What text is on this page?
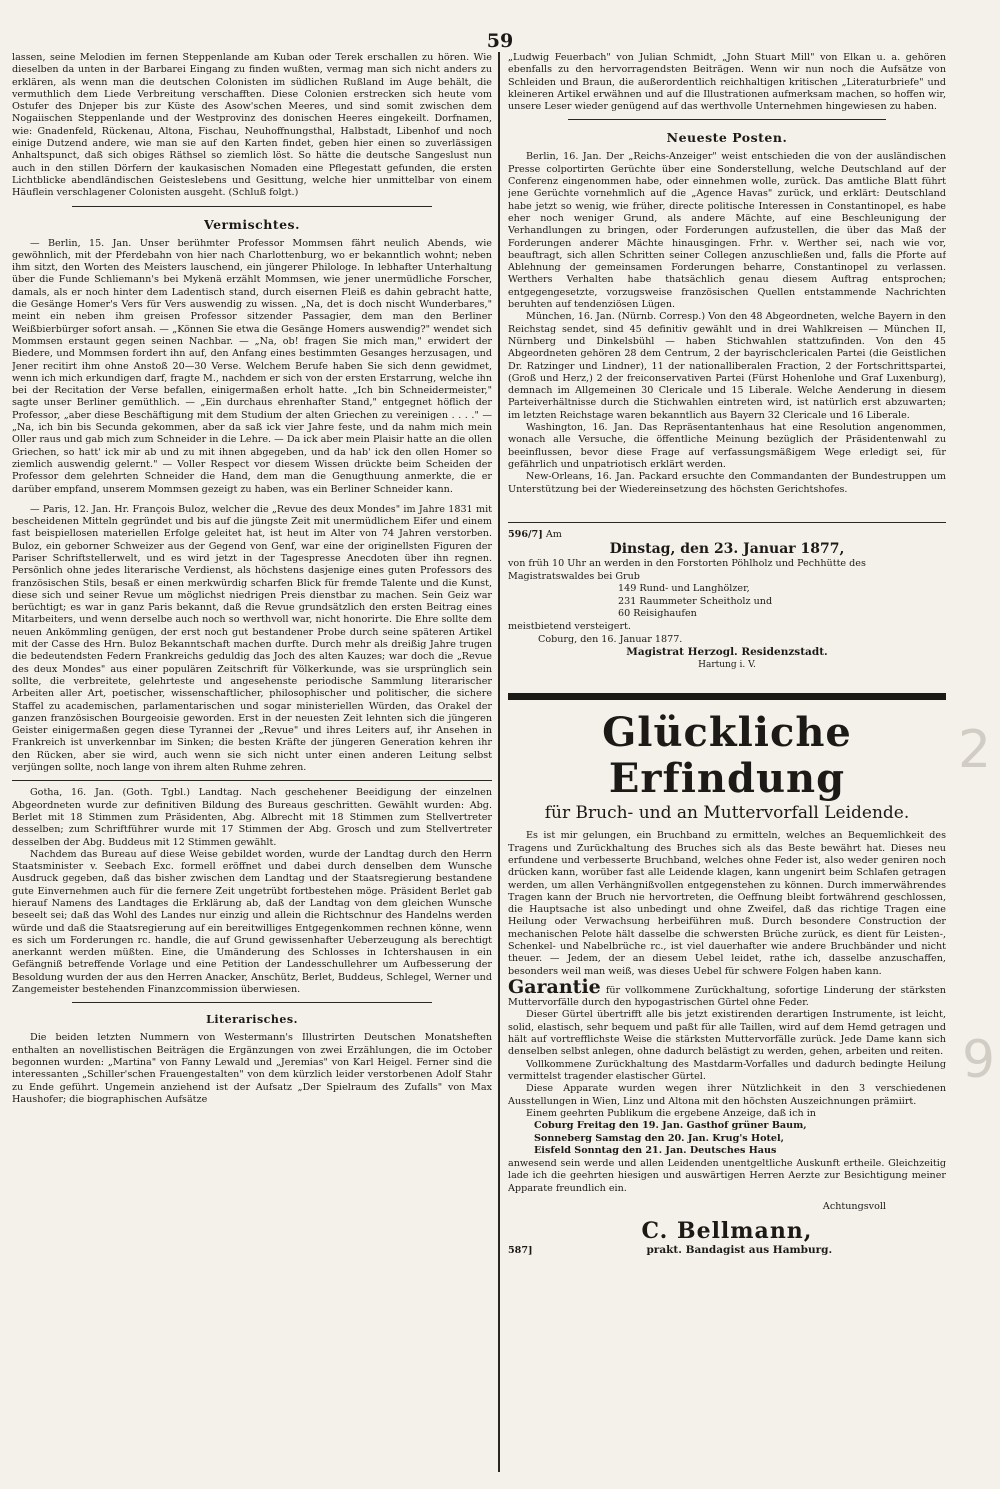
59

lassen, seine Melodien im fernen Steppenlande am Kuban oder Terek erschallen zu hören. Wie dieselben da unten in der Barbarei Eingang zu finden wußten, vermag man sich nicht anders zu erklären, als wenn man die deutschen Colonisten im südlichen Rußland im Auge behält, die vermuthlich dem Liede Verbreitung verschafften. Diese Colonien erstrecken sich heute vom Ostufer des Dnjeper bis zur Küste des Asow'schen Meeres, und sind somit zwischen dem Nogaiischen Steppenlande und der Westprovinz des donischen Heeres eingekeilt. Dorfnamen, wie: Gnadenfeld, Rückenau, Altona, Fischau, Neuhoffnungsthal, Halbstadt, Libenhof und noch einige Dutzend andere, wie man sie auf den Karten findet, geben hier einen so zuverlässigen Anhaltspunct, daß sich obiges Räthsel so ziemlich löst. So hätte die deutsche Sangeslust nun auch in den stillen Dörfern der kaukasischen Nomaden eine Pflegestatt gefunden, die ersten Lichtblicke abendländischen Geisteslebens und Gesittung, welche hier unmittelbar von einem Häuflein verschlagener Colonisten ausgeht. (Schluß folgt.)

Vermischtes.

— Berlin, 15. Jan. Unser berühmter Professor Mommsen fährt neulich Abends, wie gewöhnlich, mit der Pferdebahn von hier nach Charlottenburg, wo er bekanntlich wohnt; neben ihm sitzt, den Worten des Meisters lauschend, ein jüngerer Philologe. In lebhafter Unterhaltung über die Funde Schliemann's bei Mykenä erzählt Mommsen, wie jener unermüdliche Forscher, damals, als er noch hinter dem Ladentisch stand, durch eisernen Fleiß es dahin gebracht hatte, die Gesänge Homer's Vers für Vers auswendig zu wissen. „Na, det is doch nischt Wunderbares," meint ein neben ihm greisen Professor sitzender Passagier, dem man den Berliner Weißbierbürger sofort ansah. — „Können Sie etwa die Gesänge Homers auswendig?" wendet sich Mommsen erstaunt gegen seinen Nachbar. — „Na, ob! fragen Sie mich man," erwidert der Biedere, und Mommsen fordert ihn auf, den Anfang eines bestimmten Gesanges herzusagen, und Jener recitirt ihm ohne Anstoß 20—30 Verse. Welchem Berufe haben Sie sich denn gewidmet, wenn ich mich erkundigen darf, fragte M., nachdem er sich von der ersten Erstarrung, welche ihn bei der Recitation der Verse befallen, einigermaßen erholt hatte. „Ich bin Schneidermeister," sagte unser Berliner gemüthlich. — „Ein durchaus ehrenhafter Stand," entgegnet höflich der Professor, „aber diese Beschäftigung mit dem Studium der alten Griechen zu vereinigen . . . ." — „Na, ich bin bis Secunda gekommen, aber da saß ick vier Jahre feste, und da nahm mich mein Oller raus und gab mich zum Schneider in die Lehre. — Da ick aber mein Plaisir hatte an die ollen Griechen, so hatt' ick mir ab und zu mit ihnen abgegeben, und da hab' ick den ollen Homer so ziemlich auswendig gelernt." — Voller Respect vor diesem Wissen drückte beim Scheiden der Professor dem gelehrten Schneider die Hand, dem man die Genugthuung anmerkte, die er darüber empfand, unserem Mommsen gezeigt zu haben, was ein Berliner Schneider kann.

— Paris, 12. Jan. Hr. François Buloz, welcher die „Revue des deux Mondes" im Jahre 1831 mit bescheidenen Mitteln gegründet und bis auf die jüngste Zeit mit unermüdlichem Eifer und einem fast beispiellosen materiellen Erfolge geleitet hat, ist heut im Alter von 74 Jahren verstorben. Buloz, ein geborner Schweizer aus der Gegend von Genf, war eine der originellsten Figuren der Pariser Schriftstellerwelt, und es wird jetzt in der Tagespresse Anecdoten über ihn regnen. Persönlich ohne jedes literarische Verdienst, als höchstens dasjenige eines guten Professors des französischen Stils, besaß er einen merkwürdig scharfen Blick für fremde Talente und die Kunst, diese sich und seiner Revue um möglichst niedrigen Preis dienstbar zu machen. Sein Geiz war berüchtigt; es war in ganz Paris bekannt, daß die Revue grundsätzlich den ersten Beitrag eines Mitarbeiters, und wenn derselbe auch noch so werthvoll war, nicht honorirte. Die Ehre sollte dem neuen Ankömmling genügen, der erst noch gut bestandener Probe durch seine späteren Artikel mit der Casse des Hrn. Buloz Bekanntschaft machen durfte. Durch mehr als dreißig Jahre trugen die bedeutendsten Federn Frankreichs geduldig das Joch des alten Kauzes; war doch die „Revue des deux Mondes" aus einer populären Zeitschrift für Völkerkunde, was sie ursprünglich sein sollte, die verbreitete, gelehrteste und angesehenste periodische Sammlung literarischer Arbeiten aller Art, poetischer, wissenschaftlicher, philosophischer und politischer, die sichere Staffel zu academischen, parlamentarischen und sogar ministeriellen Würden, das Orakel der ganzen französischen Bourgeoisie geworden. Erst in der neuesten Zeit lehnten sich die jüngeren Geister einigermaßen gegen diese Tyrannei der „Revue" und ihres Leiters auf, ihr Ansehen in Frankreich ist unverkennbar im Sinken; die besten Kräfte der jüngeren Generation kehren ihr den Rücken, aber sie wird, auch wenn sie sich nicht unter einen anderen Leitung selbst verjüngen sollte, noch lange von ihrem alten Ruhme zehren.

Gotha, 16. Jan. (Goth. Tgbl.) Landtag. Nach geschehener Beeidigung der einzelnen Abgeordneten wurde zur definitiven Bildung des Bureaus geschritten. Gewählt wurden: Abg. Berlet mit 18 Stimmen zum Präsidenten, Abg. Albrecht mit 18 Stimmen zum Stellvertreter desselben; zum Schriftführer wurde mit 17 Stimmen der Abg. Grosch und zum Stellvertreter desselben der Abg. Buddeus mit 12 Stimmen gewählt.

Nachdem das Bureau auf diese Weise gebildet worden, wurde der Landtag durch den Herrn Staatsminister v. Seebach Exc. formell eröffnet und dabei durch denselben dem Wunsche Ausdruck gegeben, daß das bisher zwischen dem Landtag und der Staatsregierung bestandene gute Einvernehmen auch für die fernere Zeit ungetrübt fortbestehen möge. Präsident Berlet gab hierauf Namens des Landtages die Erklärung ab, daß der Landtag von dem gleichen Wunsche beseelt sei; daß das Wohl des Landes nur einzig und allein die Richtschnur des Handelns werden würde und daß die Staatsregierung auf ein bereitwilliges Entgegenkommen rechnen könne, wenn es sich um Forderungen rc. handle, die auf Grund gewissenhafter Ueberzeugung als berechtigt anerkannt werden müßten. Eine, die Umänderung des Schlosses in Ichtershausen in ein Gefängniß betreffende Vorlage und eine Petition der Landesschullehrer um Aufbesserung der Besoldung wurden der aus den Herren Anacker, Anschütz, Berlet, Buddeus, Schlegel, Werner und Zangemeister bestehenden Finanzcommission überwiesen.

Literarisches.

Die beiden letzten Nummern von Westermann's Illustrirten Deutschen Monatsheften enthalten an novellistischen Beiträgen die Ergänzungen von zwei Erzählungen, die im October begonnen wurden: „Martina" von Fanny Lewald und „Jeremias" von Karl Heigel. Ferner sind die interessanten „Schiller'schen Frauengestalten" von dem kürzlich leider verstorbenen Adolf Stahr zu Ende geführt. Ungemein anziehend ist der Aufsatz „Der Spielraum des Zufalls" von Max Haushofer; die biographischen Aufsätze

„Ludwig Feuerbach" von Julian Schmidt, „John Stuart Mill" von Elkan u. a. gehören ebenfalls zu den hervorragendsten Beiträgen. Wenn wir nun noch die Aufsätze von Schleiden und Braun, die außerordentlich reichhaltigen kritischen „Literaturbriefe" und kleineren Artikel erwähnen und auf die Illustrationen aufmerksam machen, so hoffen wir, unsere Leser wieder genügend auf das werthvolle Unternehmen hingewiesen zu haben.

Neueste Posten.

Berlin, 16. Jan. Der „Reichs-Anzeiger" weist entschieden die von der ausländischen Presse colportirten Gerüchte über eine Sonderstellung, welche Deutschland auf der Conferenz eingenommen habe, oder einnehmen wolle, zurück. Das amtliche Blatt führt jene Gerüchte vornehmlich auf die „Agence Havas" zurück, und erklärt: Deutschland habe jetzt so wenig, wie früher, directe politische Interessen in Constantinopel, es habe eher noch weniger Grund, als andere Mächte, auf eine Beschleunigung der Verhandlungen zu bringen, oder Forderungen aufzustellen, die über das Maß der Forderungen anderer Mächte hinausgingen. Frhr. v. Werther sei, nach wie vor, beauftragt, sich allen Schritten seiner Collegen anzuschließen und, falls die Pforte auf Ablehnung der gemeinsamen Forderungen beharre, Constantinopel zu verlassen. Werthers Verhalten habe thatsächlich genau diesem Auftrag entsprochen; entgegengesetzte, vorzugsweise französischen Quellen entstammende Nachrichten beruhten auf tendenziösen Lügen.

München, 16. Jan. (Nürnb. Corresp.) Von den 48 Abgeordneten, welche Bayern in den Reichstag sendet, sind 45 definitiv gewählt und in drei Wahlkreisen — München II, Nürnberg und Dinkelsbühl — haben Stichwahlen stattzufinden. Von den 45 Abgeordneten gehören 28 dem Centrum, 2 der bayrischclericalen Partei (die Geistlichen Dr. Ratzinger und Lindner), 11 der nationalliberalen Fraction, 2 der Fortschrittspartei, (Groß und Herz,) 2 der freiconservativen Partei (Fürst Hohenlohe und Graf Luxenburg), demnach im Allgemeinen 30 Clericale und 15 Liberale. Welche Aenderung in diesem Parteiverhältnisse durch die Stichwahlen eintreten wird, ist natürlich erst abzuwarten; im letzten Reichstage waren bekanntlich aus Bayern 32 Clericale und 16 Liberale.

Washington, 16. Jan. Das Repräsentantenhaus hat eine Resolution angenommen, wonach alle Versuche, die öffentliche Meinung bezüglich der Präsidentenwahl zu beeinflussen, bevor diese Frage auf verfassungsmäßigem Wege erledigt sei, für gefährlich und unpatriotisch erklärt werden.

New-Orleans, 16. Jan. Packard ersuchte den Commandanten der Bundestruppen um Unterstützung bei der Wiedereinsetzung des höchsten Gerichtshofes.

596/7] Am
Dinstag, den 23. Januar 1877,
von früh 10 Uhr an werden in den Forstorten Pöhlholz und Pechhütte des Magistratswaldes bei Grub
149 Rund- und Langhölzer,
231 Raummeter Scheitholz und
60 Reisighaufen
meistbietend versteigert.
Coburg, den 16. Januar 1877.
Magistrat Herzogl. Residenzstadt.
Hartung i. V.
Glückliche Erfindung
für Bruch- und an Muttervorfall Leidende.

Es ist mir gelungen, ein Bruchband zu ermitteln, welches an Bequemlichkeit des Tragens und Zurückhaltung des Bruches sich als das Beste bewährt hat. Dieses neu erfundene und verbesserte Bruchband, welches ohne Feder ist, also weder geniren noch drücken kann, worüber fast alle Leidende klagen, kann ungenirt beim Schlafen getragen werden, um allen Verhängnißvollen entgegenstehen zu können. Durch immerwährendes Tragen kann der Bruch nie hervortreten, die Oeffnung bleibt fortwährend geschlossen, die Hauptsache ist also unbedingt und ohne Zweifel, daß das richtige Tragen eine Heilung oder Verwachsung herbeiführen muß. Durch besondere Construction der mechanischen Pelote hält dasselbe die schwersten Brüche zurück, es dient für Leisten-, Schenkel- und Nabelbrüche rc., ist viel dauerhafter wie andere Bruchbänder und nicht theuer. — Jedem, der an diesem Uebel leidet, rathe ich, dasselbe anzuschaffen, besonders weil man weiß, was dieses Uebel für schwere Folgen haben kann.

Garantie für vollkommene Zurückhaltung, sofortige Linderung der stärksten Muttervorfälle durch den hypogastrischen Gürtel ohne Feder.

Dieser Gürtel übertrifft alle bis jetzt existirenden derartigen Instrumente, ist leicht, solid, elastisch, sehr bequem und paßt für alle Taillen, wird auf dem Hemd getragen und hält auf vortrefflichste Weise die stärksten Muttervorfälle zurück. Jede Dame kann sich denselben selbst anlegen, ohne dadurch belästigt zu werden, gehen, arbeiten und reiten.

Vollkommene Zurückhaltung des Mastdarm-Vorfalles und dadurch bedingte Heilung vermittelst tragender elastischer Gürtel.

Diese Apparate wurden wegen ihrer Nützlichkeit in den 3 verschiedenen Ausstellungen in Wien, Linz und Altona mit den höchsten Auszeichnungen prämiirt.

Einem geehrten Publikum die ergebene Anzeige, daß ich in

Coburg Freitag den 19. Jan. Gasthof grüner Baum,
Sonneberg Samstag den 20. Jan. Krug's Hotel,
Eisfeld Sonntag den 21. Jan. Deutsches Haus

anwesend sein werde und allen Leidenden unentgeltliche Auskunft ertheile. Gleichzeitig lade ich die geehrten hiesigen und auswärtigen Herren Aerzte zur Besichtigung meiner Apparate freundlich ein.

Achtungsvoll
C. Bellmann,
587]	prakt. Bandagist aus Hamburg.
2
9
